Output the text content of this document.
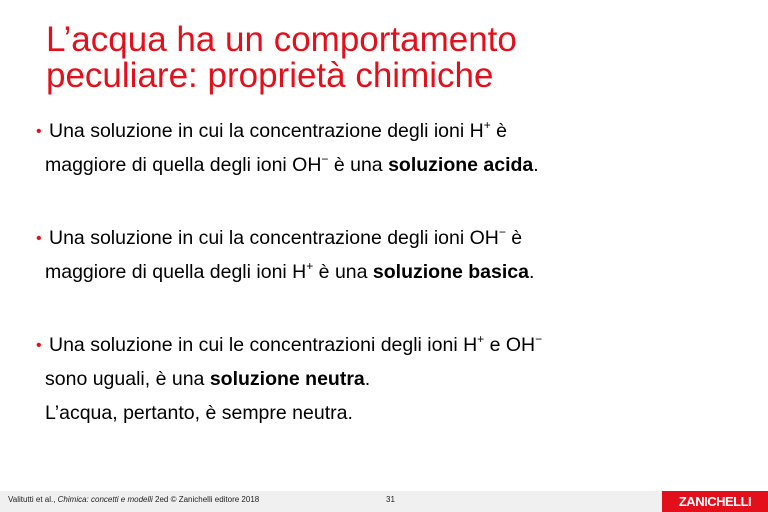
L’acqua ha un comportamento
peculiare: proprietà chimiche
• Una soluzione in cui la concentrazione degli ioni H+ è
maggiore di quella degli ioni OH− è una soluzione acida.
• Una soluzione in cui la concentrazione degli ioni OH− è
maggiore di quella degli ioni H+ è una soluzione basica.
• Una soluzione in cui le concentrazioni degli ioni H+ e OH−
sono uguali, è una soluzione neutra.
L’acqua, pertanto, è sempre neutra.
Valitutti et al., Chimica: concetti e modelli 2ed © Zanichelli editore 2018	31	ZANICHELLI
